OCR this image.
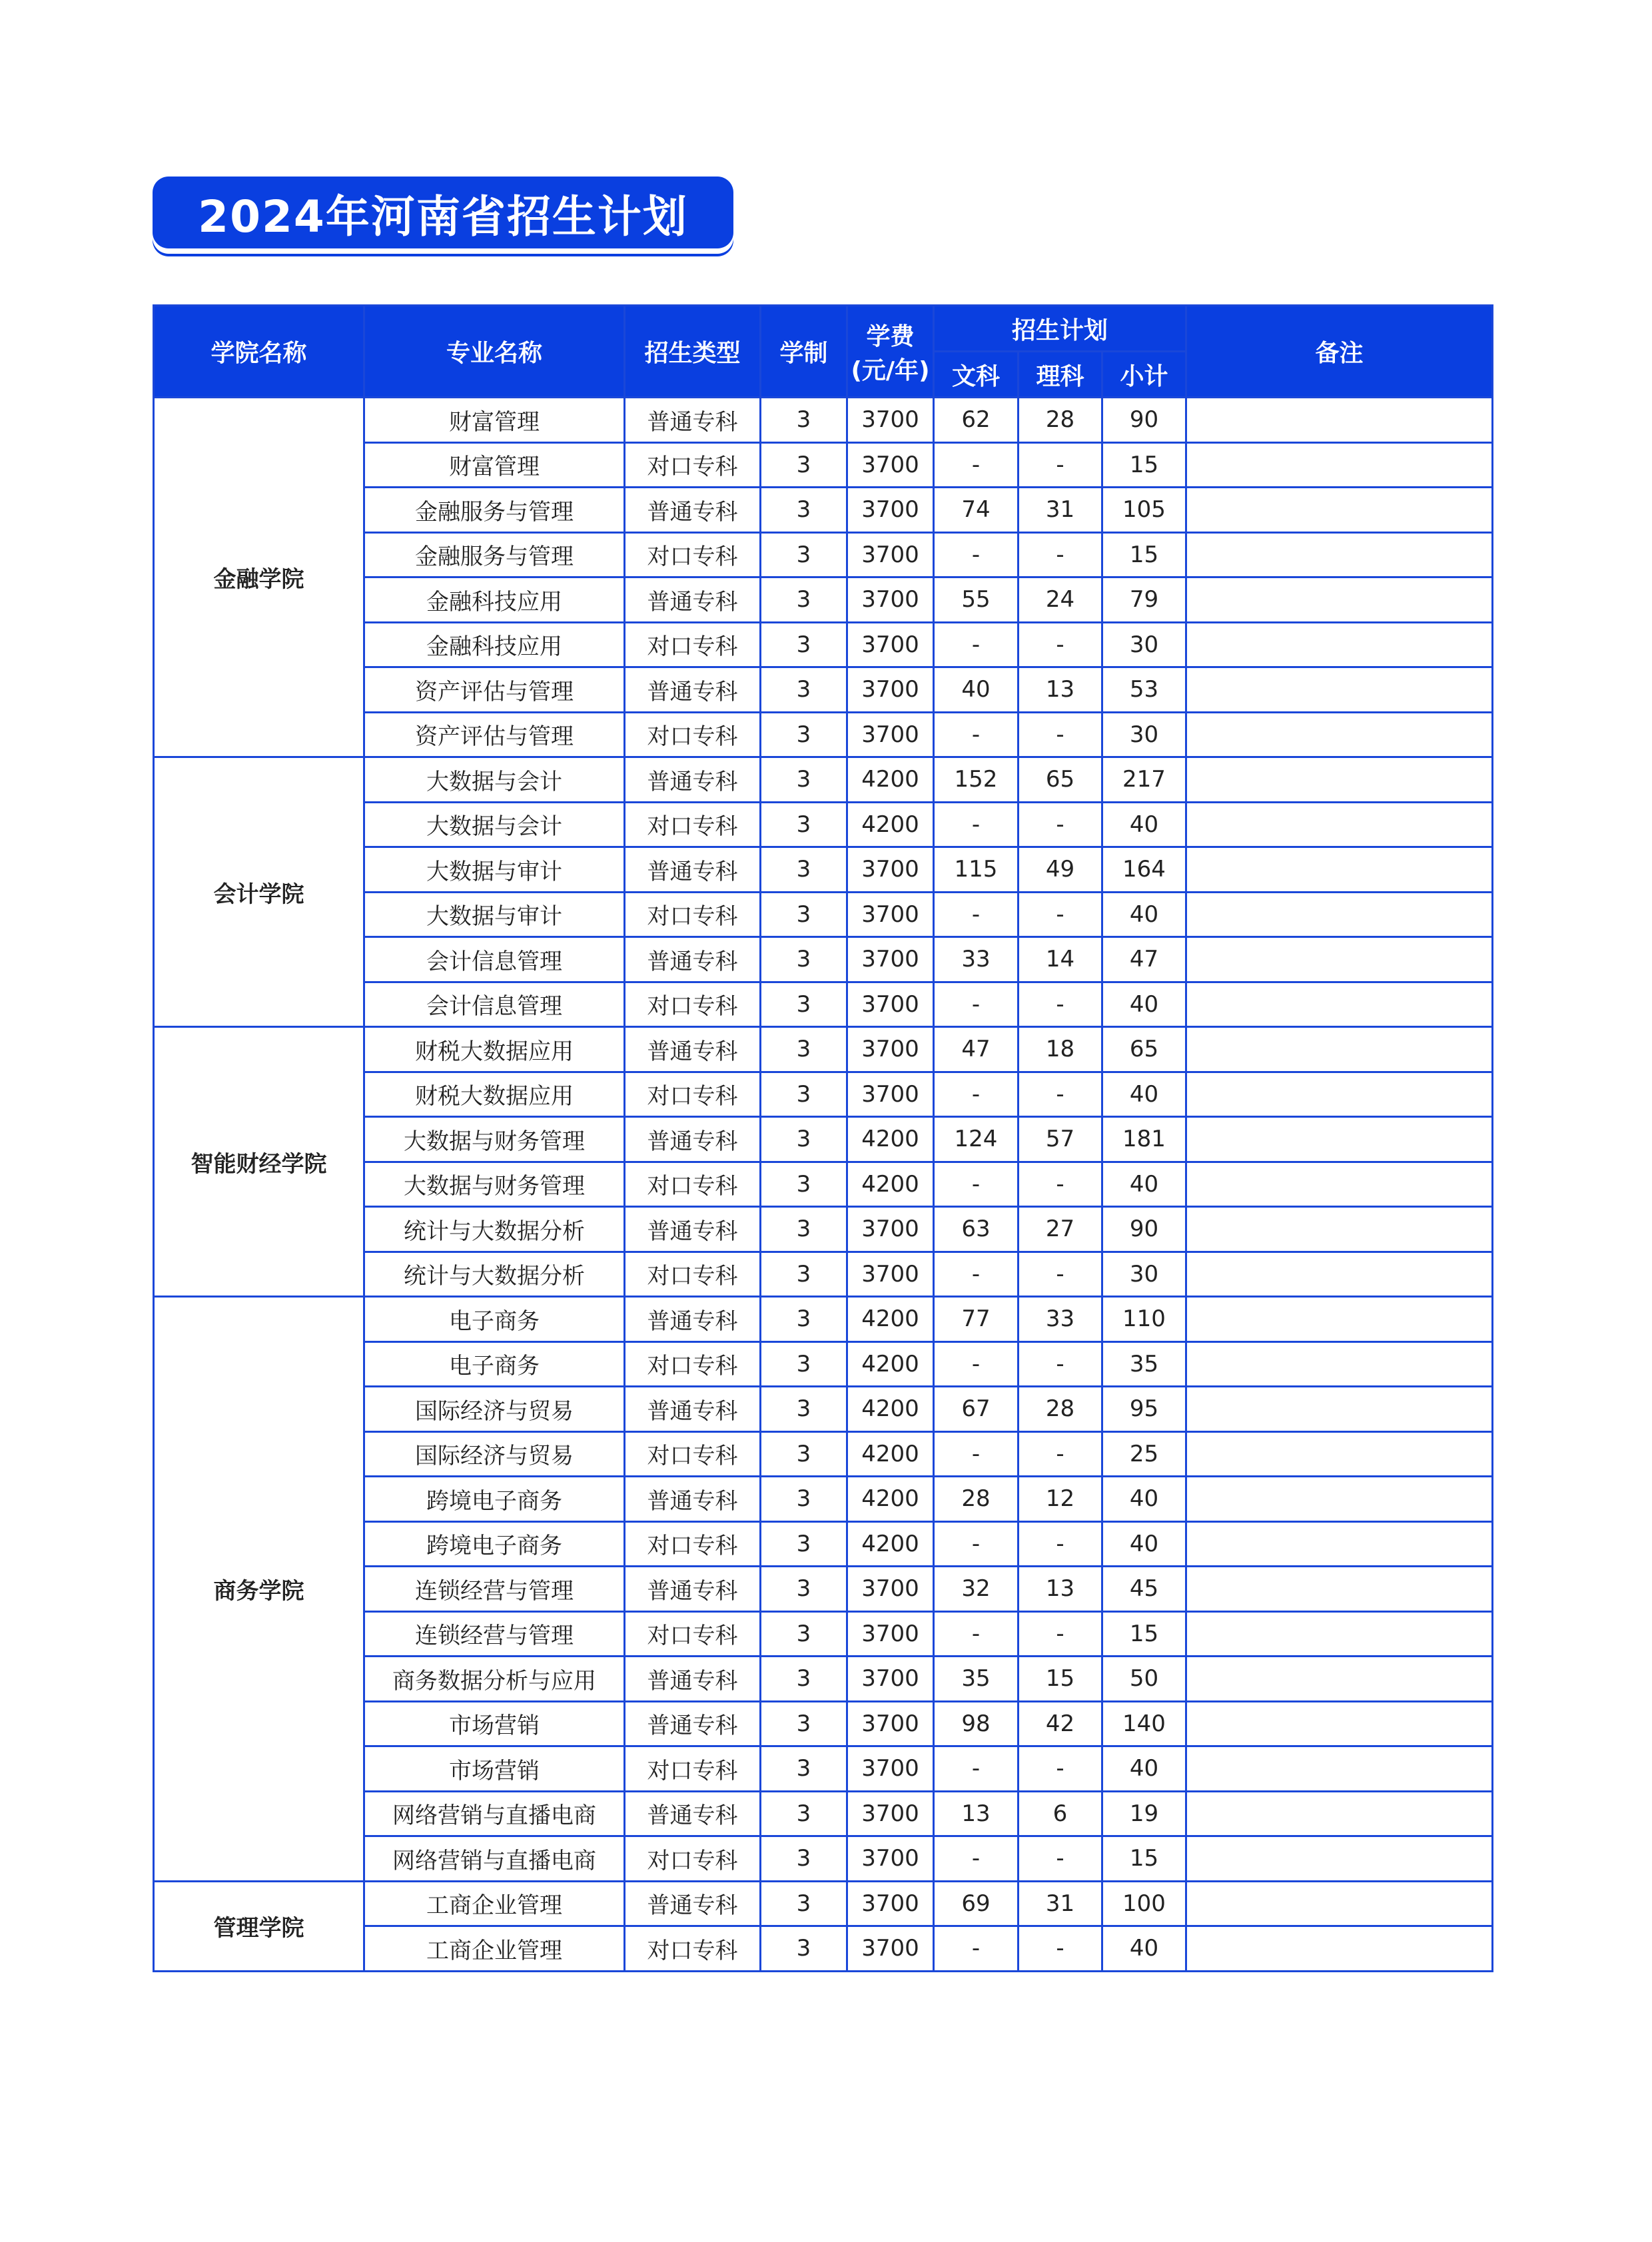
2024年河南省招生计划
学院名称	专业名称	招生类型	学制	学费
(元/年)	招生计划			备注
					文科	理科	小计	
金融学院	财富管理	普通专科	3	3700	62	28	90	
	财富管理	对口专科	3	3700	-	-	15	
	金融服务与管理	普通专科	3	3700	74	31	105	
	金融服务与管理	对口专科	3	3700	-	-	15	
	金融科技应用	普通专科	3	3700	55	24	79	
	金融科技应用	对口专科	3	3700	-	-	30	
	资产评估与管理	普通专科	3	3700	40	13	53	
	资产评估与管理	对口专科	3	3700	-	-	30	
会计学院	大数据与会计	普通专科	3	4200	152	65	217	
	大数据与会计	对口专科	3	4200	-	-	40	
	大数据与审计	普通专科	3	3700	115	49	164	
	大数据与审计	对口专科	3	3700	-	-	40	
	会计信息管理	普通专科	3	3700	33	14	47	
	会计信息管理	对口专科	3	3700	-	-	40	
智能财经学院	财税大数据应用	普通专科	3	3700	47	18	65	
	财税大数据应用	对口专科	3	3700	-	-	40	
	大数据与财务管理	普通专科	3	4200	124	57	181	
	大数据与财务管理	对口专科	3	4200	-	-	40	
	统计与大数据分析	普通专科	3	3700	63	27	90	
	统计与大数据分析	对口专科	3	3700	-	-	30	
商务学院	电子商务	普通专科	3	4200	77	33	110	
	电子商务	对口专科	3	4200	-	-	35	
	国际经济与贸易	普通专科	3	4200	67	28	95	
	国际经济与贸易	对口专科	3	4200	-	-	25	
	跨境电子商务	普通专科	3	4200	28	12	40	
	跨境电子商务	对口专科	3	4200	-	-	40	
	连锁经营与管理	普通专科	3	3700	32	13	45	
	连锁经营与管理	对口专科	3	3700	-	-	15	
	商务数据分析与应用	普通专科	3	3700	35	15	50	
	市场营销	普通专科	3	3700	98	42	140	
	市场营销	对口专科	3	3700	-	-	40	
	网络营销与直播电商	普通专科	3	3700	13	6	19	
	网络营销与直播电商	对口专科	3	3700	-	-	15	
管理学院	工商企业管理	普通专科	3	3700	69	31	100	
	工商企业管理	对口专科	3	3700	-	-	40	
